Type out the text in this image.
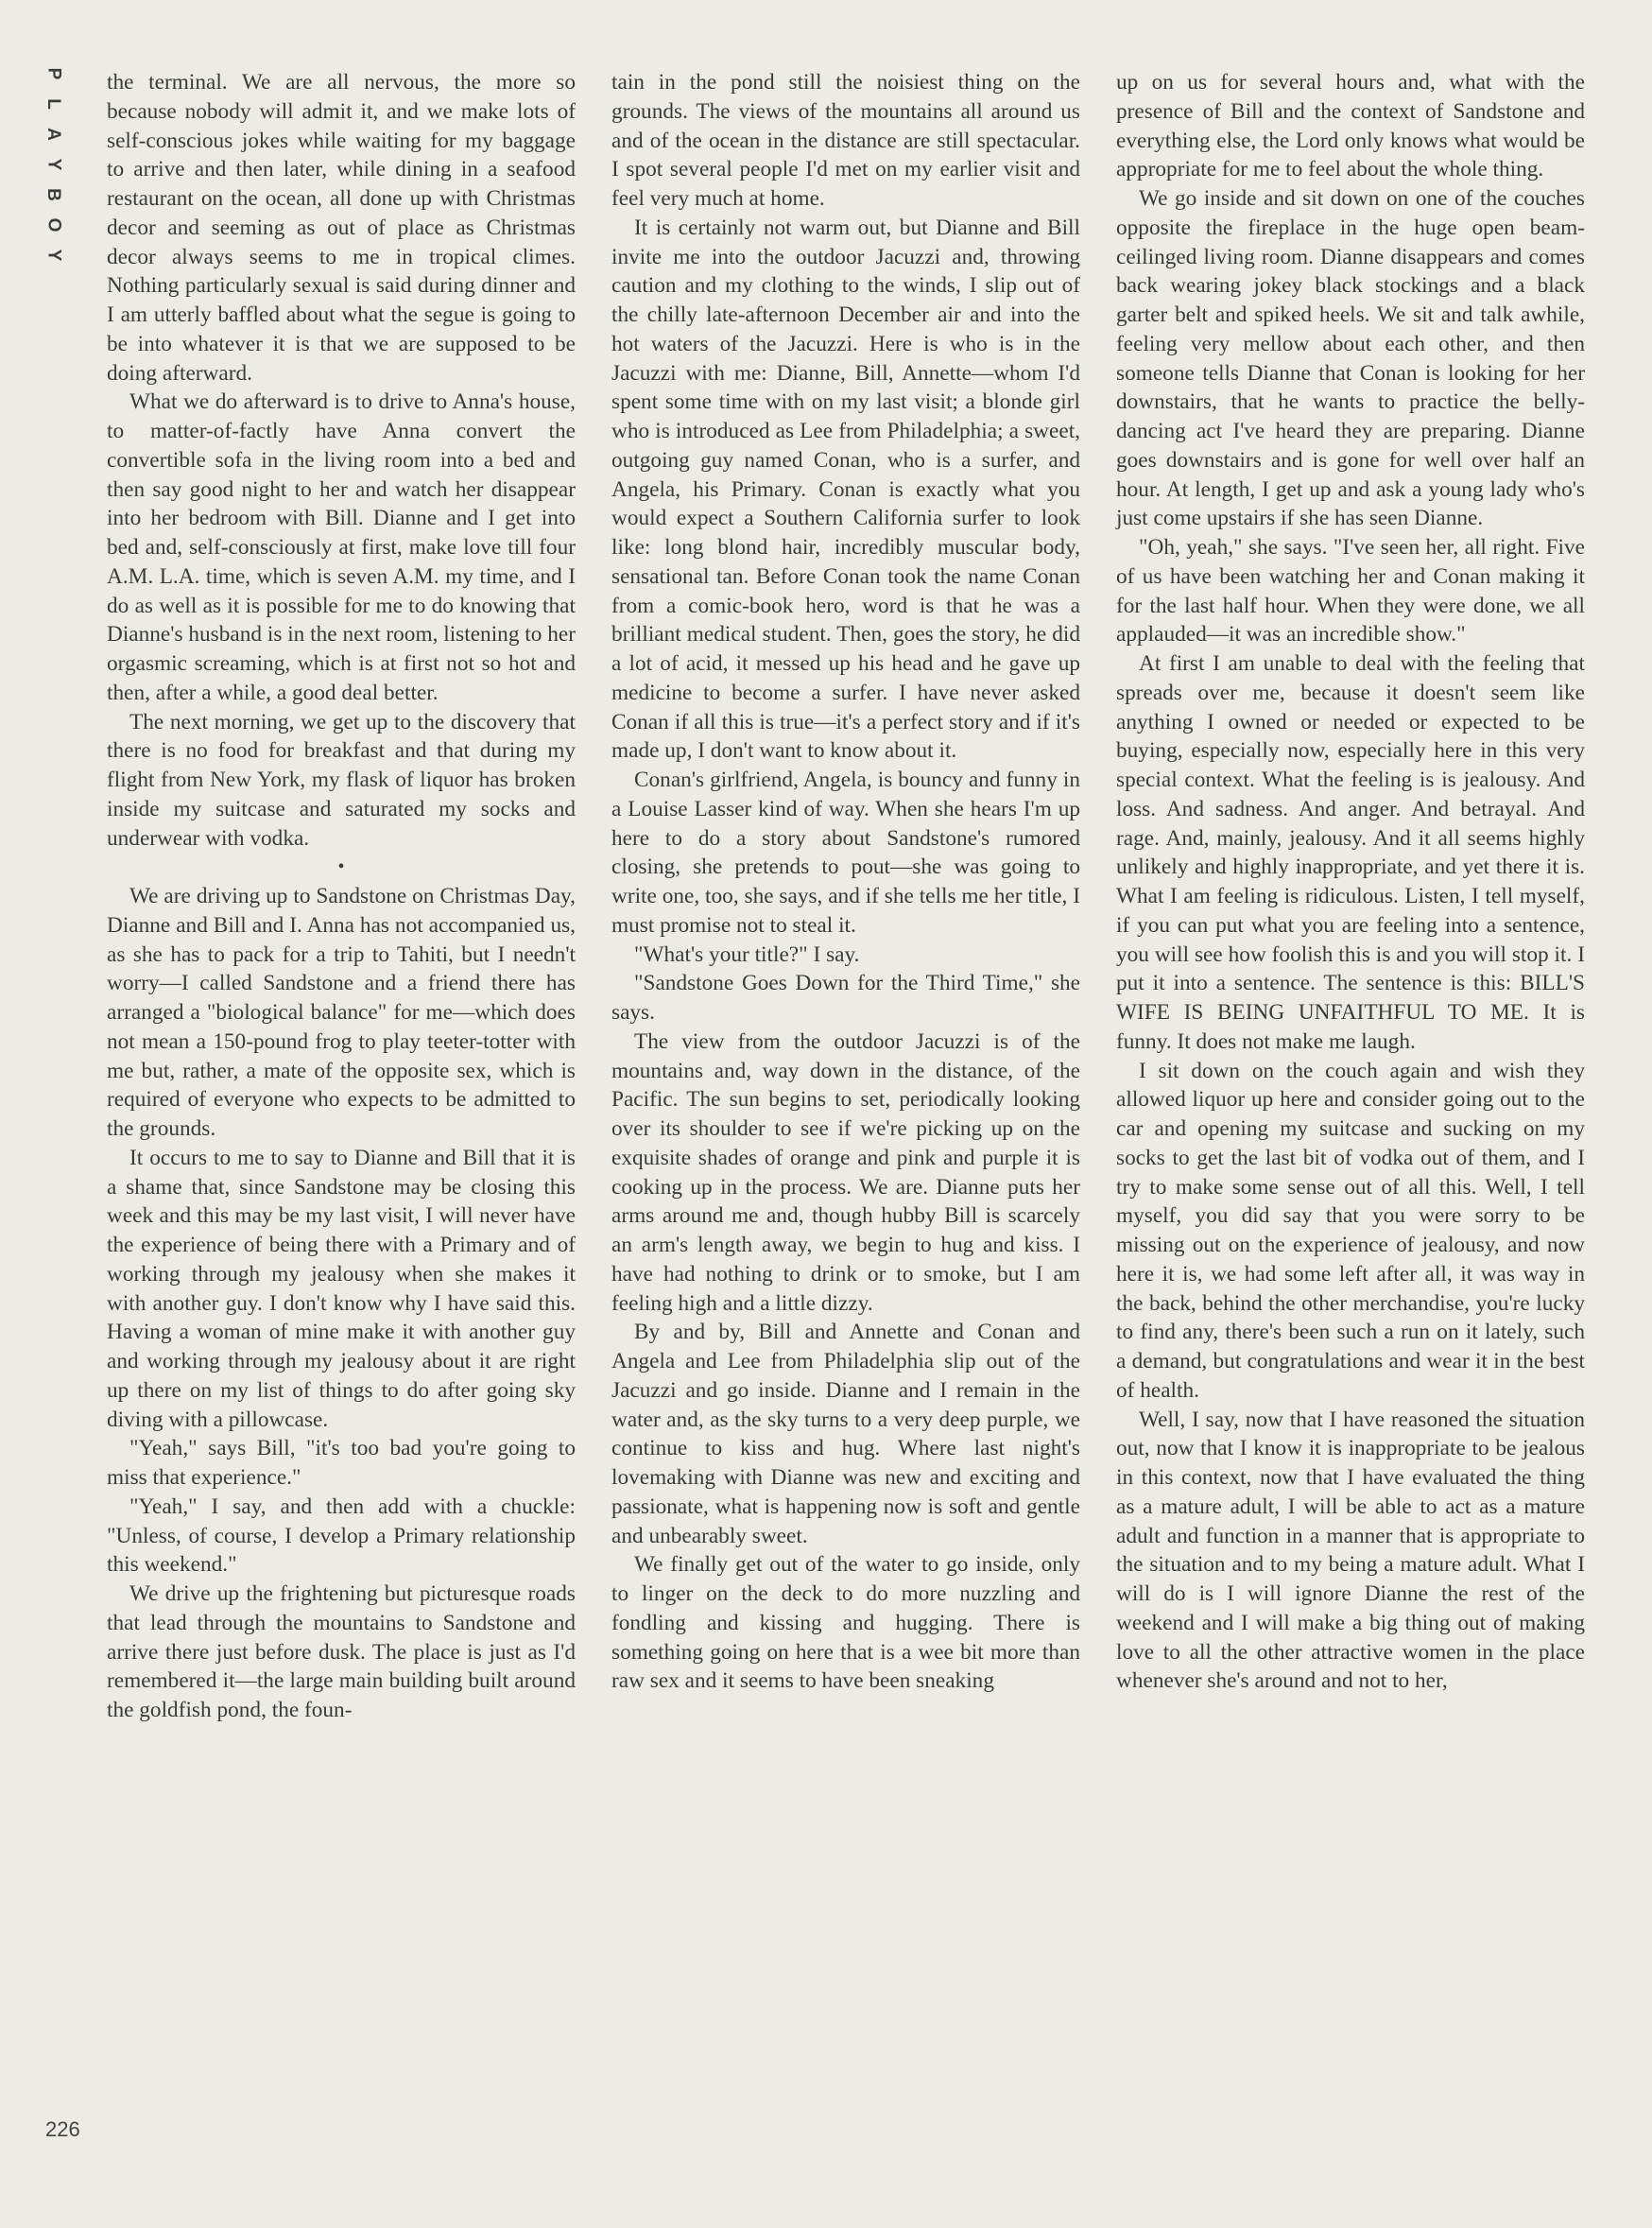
P
L
A
Y
B
O
Y

the terminal. We are all nervous, the more so because nobody will admit it, and we make lots of self-conscious jokes while waiting for my baggage to arrive and then later, while dining in a seafood restaurant on the ocean, all done up with Christmas decor and seeming as out of place as Christmas decor always seems to me in tropical climes. Nothing particularly sexual is said during dinner and I am utterly baffled about what the segue is going to be into whatever it is that we are supposed to be doing afterward.

What we do afterward is to drive to Anna's house, to matter-of-factly have Anna convert the convertible sofa in the living room into a bed and then say good night to her and watch her disappear into her bedroom with Bill. Dianne and I get into bed and, self-consciously at first, make love till four A.M. L.A. time, which is seven A.M. my time, and I do as well as it is possible for me to do knowing that Dianne's husband is in the next room, listening to her orgasmic screaming, which is at first not so hot and then, after a while, a good deal better.

The next morning, we get up to the discovery that there is no food for breakfast and that during my flight from New York, my flask of liquor has broken inside my suitcase and saturated my socks and underwear with vodka.

•

We are driving up to Sandstone on Christmas Day, Dianne and Bill and I. Anna has not accompanied us, as she has to pack for a trip to Tahiti, but I needn't worry—I called Sandstone and a friend there has arranged a "biological balance" for me—which does not mean a 150-pound frog to play teeter-totter with me but, rather, a mate of the opposite sex, which is required of everyone who expects to be admitted to the grounds.

It occurs to me to say to Dianne and Bill that it is a shame that, since Sandstone may be closing this week and this may be my last visit, I will never have the experience of being there with a Primary and of working through my jealousy when she makes it with another guy. I don't know why I have said this. Having a woman of mine make it with another guy and working through my jealousy about it are right up there on my list of things to do after going sky diving with a pillowcase.

"Yeah," says Bill, "it's too bad you're going to miss that experience."

"Yeah," I say, and then add with a chuckle: "Unless, of course, I develop a Primary relationship this weekend."

We drive up the frightening but picturesque roads that lead through the mountains to Sandstone and arrive there just before dusk. The place is just as I'd remembered it—the large main building built around the goldfish pond, the foun-

tain in the pond still the noisiest thing on the grounds. The views of the mountains all around us and of the ocean in the distance are still spectacular. I spot several people I'd met on my earlier visit and feel very much at home.

It is certainly not warm out, but Dianne and Bill invite me into the outdoor Jacuzzi and, throwing caution and my clothing to the winds, I slip out of the chilly late-afternoon December air and into the hot waters of the Jacuzzi. Here is who is in the Jacuzzi with me: Dianne, Bill, Annette—whom I'd spent some time with on my last visit; a blonde girl who is introduced as Lee from Philadelphia; a sweet, outgoing guy named Conan, who is a surfer, and Angela, his Primary. Conan is exactly what you would expect a Southern California surfer to look like: long blond hair, incredibly muscular body, sensational tan. Before Conan took the name Conan from a comic-book hero, word is that he was a brilliant medical student. Then, goes the story, he did a lot of acid, it messed up his head and he gave up medicine to become a surfer. I have never asked Conan if all this is true—it's a perfect story and if it's made up, I don't want to know about it.

Conan's girlfriend, Angela, is bouncy and funny in a Louise Lasser kind of way. When she hears I'm up here to do a story about Sandstone's rumored closing, she pretends to pout—she was going to write one, too, she says, and if she tells me her title, I must promise not to steal it.

"What's your title?" I say.

"Sandstone Goes Down for the Third Time," she says.

The view from the outdoor Jacuzzi is of the mountains and, way down in the distance, of the Pacific. The sun begins to set, periodically looking over its shoulder to see if we're picking up on the exquisite shades of orange and pink and purple it is cooking up in the process. We are. Dianne puts her arms around me and, though hubby Bill is scarcely an arm's length away, we begin to hug and kiss. I have had nothing to drink or to smoke, but I am feeling high and a little dizzy.

By and by, Bill and Annette and Conan and Angela and Lee from Philadelphia slip out of the Jacuzzi and go inside. Dianne and I remain in the water and, as the sky turns to a very deep purple, we continue to kiss and hug. Where last night's lovemaking with Dianne was new and exciting and passionate, what is happening now is soft and gentle and unbearably sweet.

We finally get out of the water to go inside, only to linger on the deck to do more nuzzling and fondling and kissing and hugging. There is something going on here that is a wee bit more than raw sex and it seems to have been sneaking

up on us for several hours and, what with the presence of Bill and the context of Sandstone and everything else, the Lord only knows what would be appropriate for me to feel about the whole thing.

We go inside and sit down on one of the couches opposite the fireplace in the huge open beam-ceilinged living room. Dianne disappears and comes back wearing jokey black stockings and a black garter belt and spiked heels. We sit and talk awhile, feeling very mellow about each other, and then someone tells Dianne that Conan is looking for her downstairs, that he wants to practice the belly-dancing act I've heard they are preparing. Dianne goes downstairs and is gone for well over half an hour. At length, I get up and ask a young lady who's just come upstairs if she has seen Dianne.

"Oh, yeah," she says. "I've seen her, all right. Five of us have been watching her and Conan making it for the last half hour. When they were done, we all applauded—it was an incredible show."

At first I am unable to deal with the feeling that spreads over me, because it doesn't seem like anything I owned or needed or expected to be buying, especially now, especially here in this very special context. What the feeling is is jealousy. And loss. And sadness. And anger. And betrayal. And rage. And, mainly, jealousy. And it all seems highly unlikely and highly inappropriate, and yet there it is. What I am feeling is ridiculous. Listen, I tell myself, if you can put what you are feeling into a sentence, you will see how foolish this is and you will stop it. I put it into a sentence. The sentence is this: BILL'S WIFE IS BEING UNFAITHFUL TO ME. It is funny. It does not make me laugh.

I sit down on the couch again and wish they allowed liquor up here and consider going out to the car and opening my suitcase and sucking on my socks to get the last bit of vodka out of them, and I try to make some sense out of all this. Well, I tell myself, you did say that you were sorry to be missing out on the experience of jealousy, and now here it is, we had some left after all, it was way in the back, behind the other merchandise, you're lucky to find any, there's been such a run on it lately, such a demand, but congratulations and wear it in the best of health.

Well, I say, now that I have reasoned the situation out, now that I know it is inappropriate to be jealous in this context, now that I have evaluated the thing as a mature adult, I will be able to act as a mature adult and function in a manner that is appropriate to the situation and to my being a mature adult. What I will do is I will ignore Dianne the rest of the weekend and I will make a big thing out of making love to all the other attractive women in the place whenever she's around and not to her,

226
